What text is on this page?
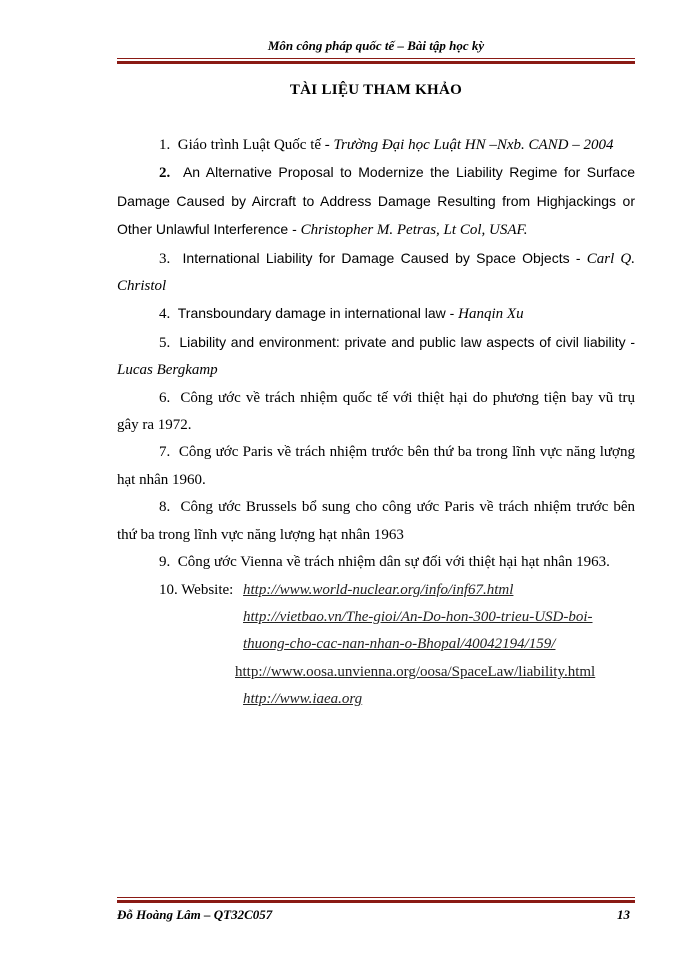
Môn công pháp quốc tế – Bài tập học kỳ
TÀI LIỆU THAM KHẢO
1. Giáo trình Luật Quốc tế - Trường Đại học Luật HN –Nxb. CAND – 2004
2. An Alternative Proposal to Modernize the Liability Regime for Surface Damage Caused by Aircraft to Address Damage Resulting from Highjackings or Other Unlawful Interference - Christopher M. Petras, Lt Col, USAF.
3. International Liability for Damage Caused by Space Objects - Carl Q. Christol
4. Transboundary damage in international law - Hanqin Xu
5. Liability and environment: private and public law aspects of civil liability - Lucas Bergkamp
6. Công ước về trách nhiệm quốc tế với thiệt hại do phương tiện bay vũ trụ gây ra 1972.
7. Công ước Paris về trách nhiệm trước bên thứ ba trong lĩnh vực năng lượng hạt nhân 1960.
8. Công ước Brussels bổ sung cho công ước Paris về trách nhiệm trước bên thứ ba trong lĩnh vực năng lượng hạt nhân 1963
9. Công ước Vienna về trách nhiệm dân sự đối với thiệt hại hạt nhân 1963.
10. Website: http://www.world-nuclear.org/info/inf67.html
http://vietbao.vn/The-gioi/An-Do-hon-300-trieu-USD-boi-
thuong-cho-cac-nan-nhan-o-Bhopal/40042194/159/
http://www.oosa.unvienna.org/oosa/SpaceLaw/liability.html
http://www.iaea.org
Đỗ Hoàng Lâm – QT32C057	13
